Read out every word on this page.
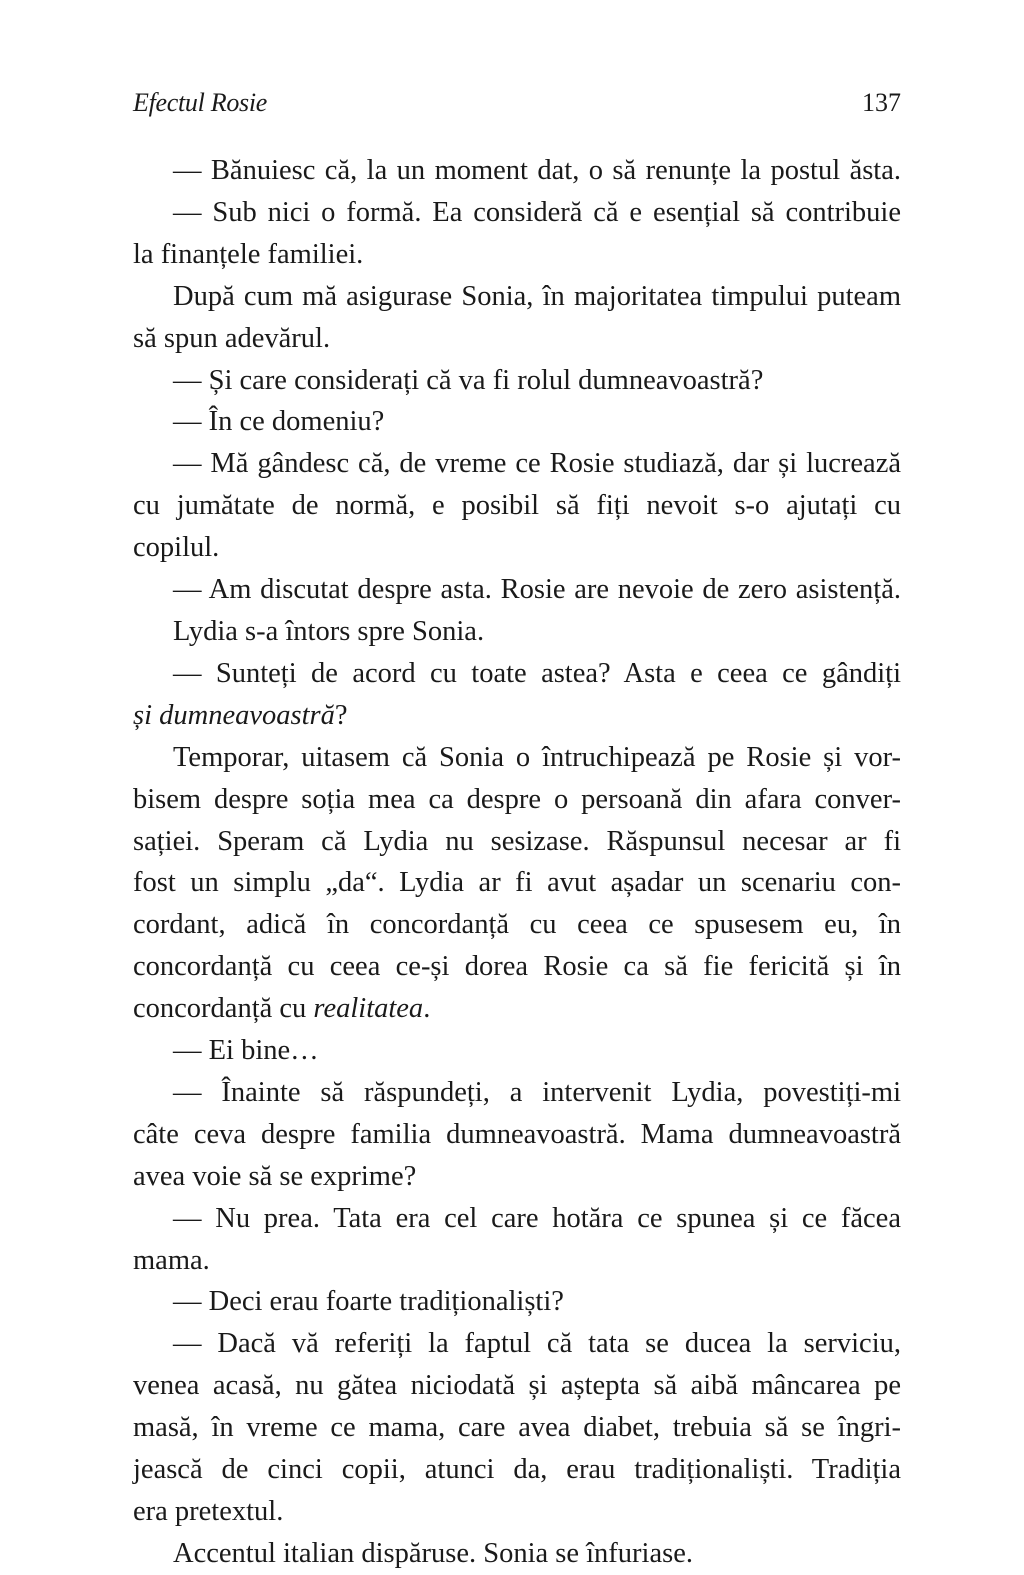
Efectul Rosie	137
— Bănuiesc că, la un moment dat, o să renunțe la postul ăsta.
— Sub nici o formă. Ea consideră că e esențial să contribuie
la finanțele familiei.
După cum mă asigurase Sonia, în majoritatea timpului puteam
să spun adevărul.
— Și care considerați că va fi rolul dumneavoastră?
— În ce domeniu?
— Mă gândesc că, de vreme ce Rosie studiază, dar și lucrează
cu jumătate de normă, e posibil să fiți nevoit s-o ajutați cu
copilul.
— Am discutat despre asta. Rosie are nevoie de zero asistență.
Lydia s-a întors spre Sonia.
— Sunteți de acord cu toate astea? Asta e ceea ce gândiți
și dumneavoastră?
Temporar, uitasem că Sonia o întruchipează pe Rosie și vor-
bisem despre soția mea ca despre o persoană din afara conver-
sației. Speram că Lydia nu sesizase. Răspunsul necesar ar fi
fost un simplu „da“. Lydia ar fi avut așadar un scenariu con-
cordant, adică în concordanță cu ceea ce spusesem eu, în
concordanță cu ceea ce-și dorea Rosie ca să fie fericită și în
concordanță cu realitatea.
— Ei bine…
— Înainte să răspundeți, a intervenit Lydia, povestiți-mi
câte ceva despre familia dumneavoastră. Mama dumneavoastră
avea voie să se exprime?
— Nu prea. Tata era cel care hotăra ce spunea și ce făcea
mama.
— Deci erau foarte tradiționaliști?
— Dacă vă referiți la faptul că tata se ducea la serviciu,
venea acasă, nu gătea niciodată și aștepta să aibă mâncarea pe
masă, în vreme ce mama, care avea diabet, trebuia să se îngri-
jească de cinci copii, atunci da, erau tradiționaliști. Tradiția
era pretextul.
Accentul italian dispăruse. Sonia se înfuriase.
